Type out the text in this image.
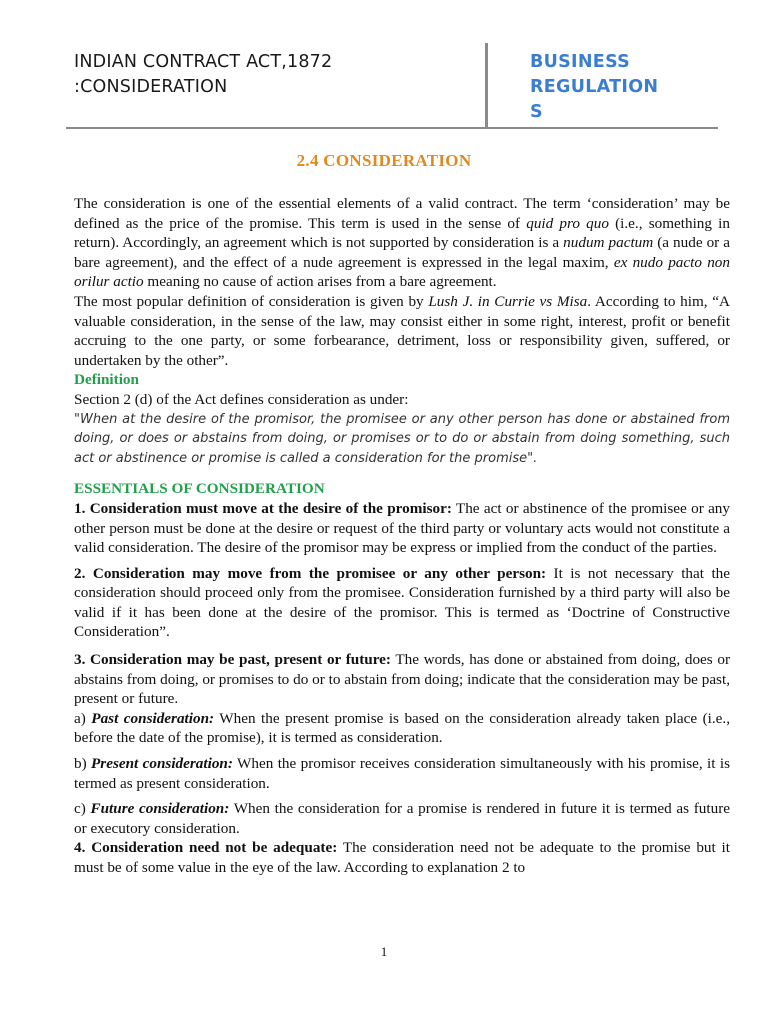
INDIAN CONTRACT ACT,1872
:CONSIDERATION
BUSINESS
REGULATION
S
2.4 CONSIDERATION

The consideration is one of the essential elements of a valid contract. The term ‘consideration’ may be defined as the price of the promise. This term is used in the sense of quid pro quo (i.e., something in return). Accordingly, an agreement which is not supported by consideration is a nudum pactum (a nude or a bare agreement), and the effect of a nude agreement is expressed in the legal maxim, ex nudo pacto non orilur actio meaning no cause of action arises from a bare agreement.

The most popular definition of consideration is given by Lush J. in Currie vs Misa. According to him, “A valuable consideration, in the sense of the law, may consist either in some right, interest, profit or benefit accruing to the one party, or some forbearance, detriment, loss or responsibility given, suffered, or undertaken by the other”.

Definition

Section 2 (d) of the Act defines consideration as under:

"When at the desire of the promisor, the promisee or any other person has done or abstained from doing, or does or abstains from doing, or promises or to do or abstain from doing something, such act or abstinence or promise is called a consideration for the promise".

ESSENTIALS OF CONSIDERATION

1. Consideration must move at the desire of the promisor: The act or abstinence of the promisee or any other person must be done at the desire or request of the third party or voluntary acts would not constitute a valid consideration. The desire of the promisor may be express or implied from the conduct of the parties.

2. Consideration may move from the promisee or any other person: It is not necessary that the consideration should proceed only from the promisee. Consideration furnished by a third party will also be valid if it has been done at the desire of the promisor. This is termed as ‘Doctrine of Constructive Consideration”.

3. Consideration may be past, present or future: The words, has done or abstained from doing, does or abstains from doing, or promises to do or to abstain from doing; indicate that the consideration may be past, present or future.

a) Past consideration: When the present promise is based on the consideration already taken place (i.e., before the date of the promise), it is termed as consideration.

b) Present consideration: When the promisor receives consideration simultaneously with his promise, it is termed as present consideration.

c) Future consideration: When the consideration for a promise is rendered in future it is termed as future or executory consideration.

4. Consideration need not be adequate: The consideration need not be adequate to the promise but it must be of some value in the eye of the law. According to explanation 2 to

1
